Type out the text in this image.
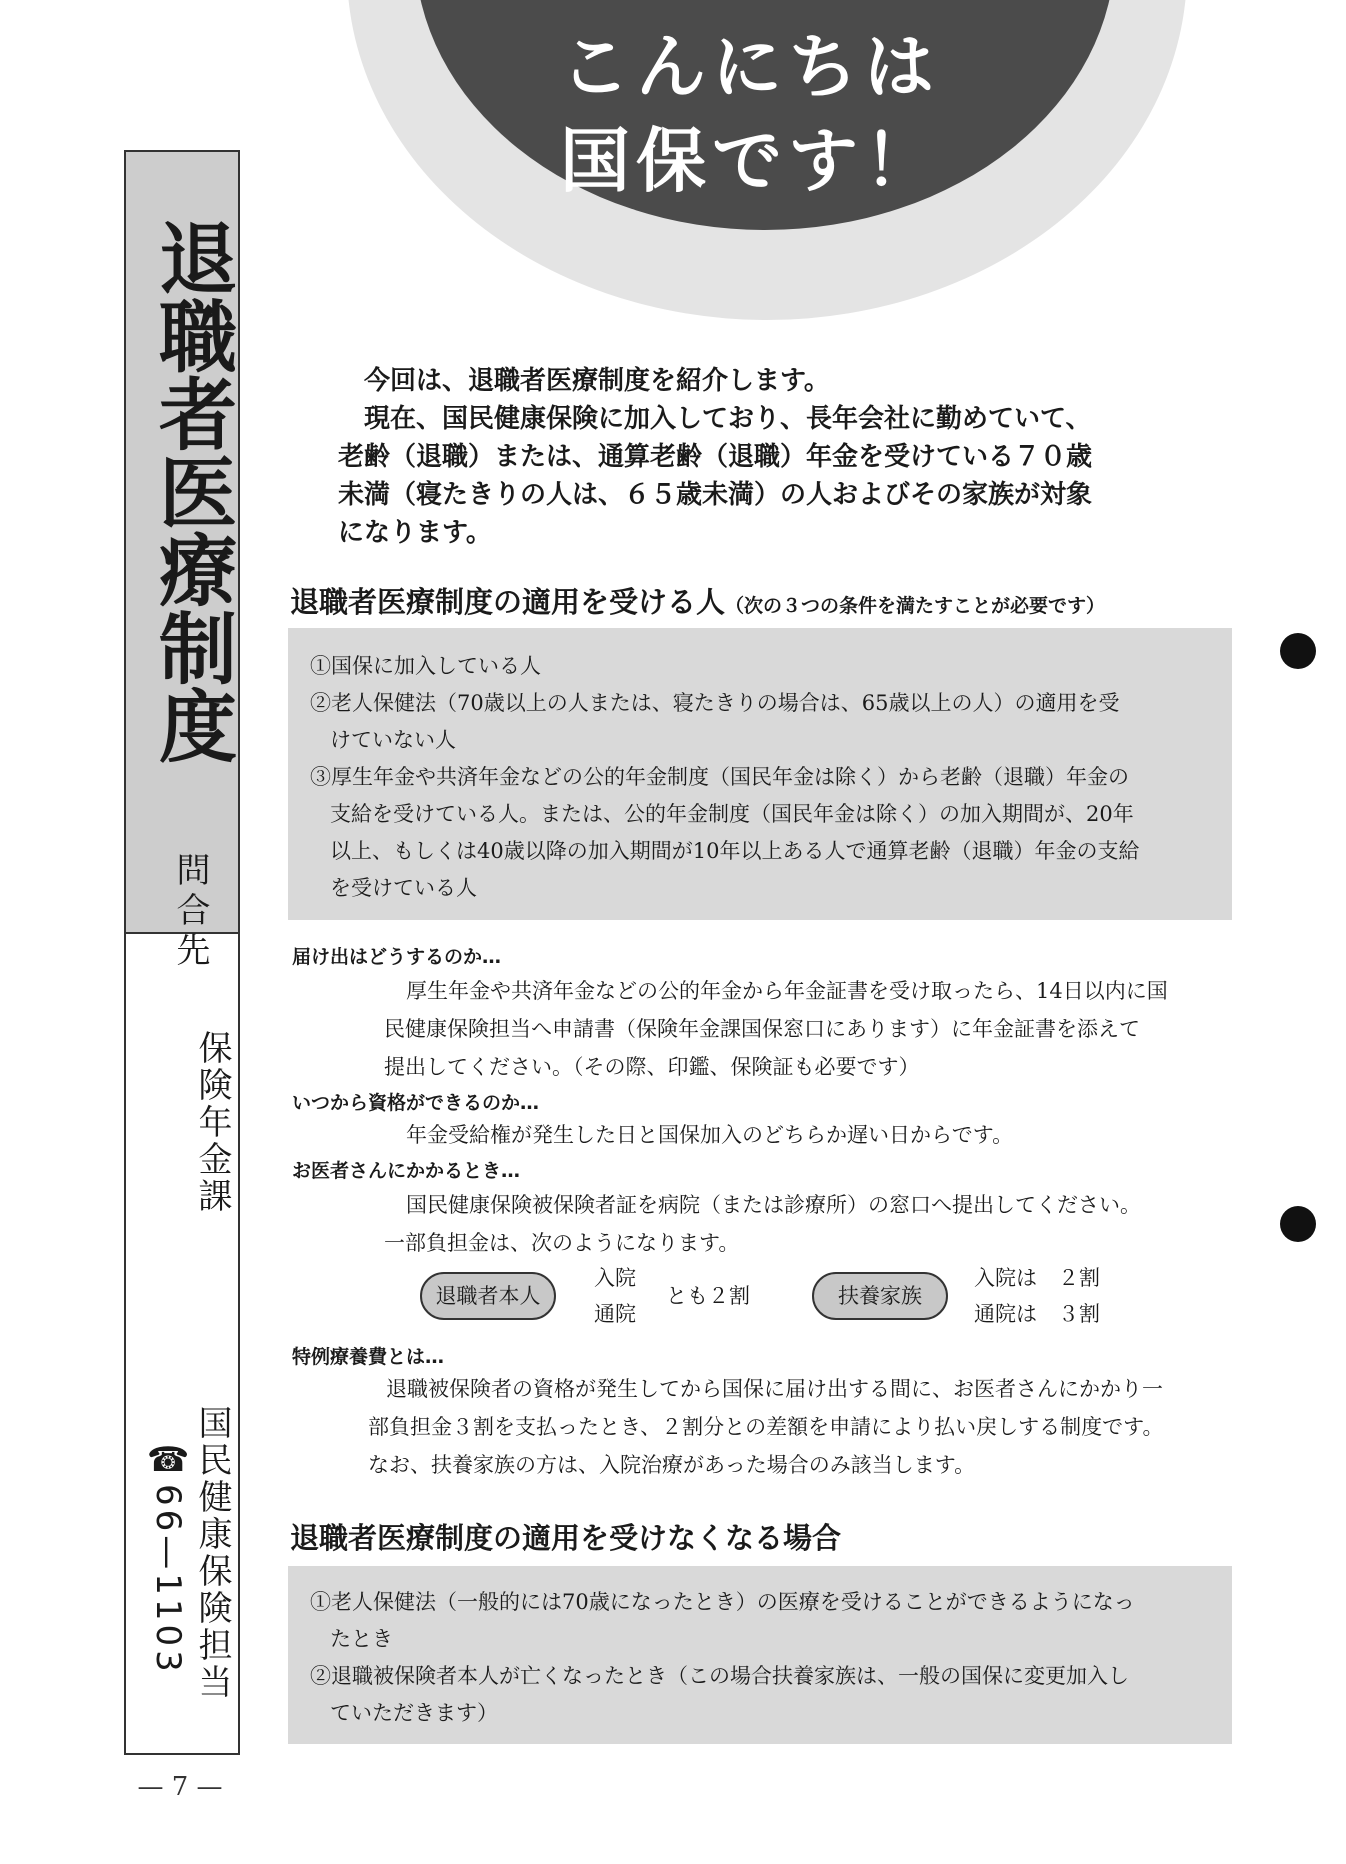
こんにちは
国保です！
退職者医療制度
問合先
保険年金課
国民健康保険担当
☎66—1103
— 7 —

今回は、退職者医療制度を紹介します。

現在、国民健康保険に加入しており、長年会社に勤めていて、

老齢（退職）または、通算老齢（退職）年金を受けている７０歳

未満（寝たきりの人は、６５歳未満）の人およびその家族が対象

になります。

退職者医療制度の適用を受ける人（次の３つの条件を満たすことが必要です）

①国保に加入している人

②老人保健法（70歳以上の人または、寝たきりの場合は、65歳以上の人）の適用を受

けていない人

③厚生年金や共済年金などの公的年金制度（国民年金は除く）から老齢（退職）年金の

支給を受けている人。または、公的年金制度（国民年金は除く）の加入期間が、20年

以上、もしくは40歳以降の加入期間が10年以上ある人で通算老齢（退職）年金の支給

を受けている人

届け出はどうするのか…

厚生年金や共済年金などの公的年金から年金証書を受け取ったら、14日以内に国

民健康保険担当へ申請書（保険年金課国保窓口にあります）に年金証書を添えて

提出してください。（その際、印鑑、保険証も必要です）

いつから資格ができるのか…

年金受給権が発生した日と国保加入のどちらか遅い日からです。

お医者さんにかかるとき…

国民健康保険被保険者証を病院（または診療所）の窓口へ提出してください。

一部負担金は、次のようになります。

退職者本人
入院
通院
とも２割	扶養家族
入院は　２割
通院は　３割
特例療養費とは…

退職被保険者の資格が発生してから国保に届け出する間に、お医者さんにかかり一

部負担金３割を支払ったとき、２割分との差額を申請により払い戻しする制度です。

なお、扶養家族の方は、入院治療があった場合のみ該当します。

退職者医療制度の適用を受けなくなる場合

①老人保健法（一般的には70歳になったとき）の医療を受けることができるようになっ

たとき

②退職被保険者本人が亡くなったとき（この場合扶養家族は、一般の国保に変更加入し

ていただきます）
